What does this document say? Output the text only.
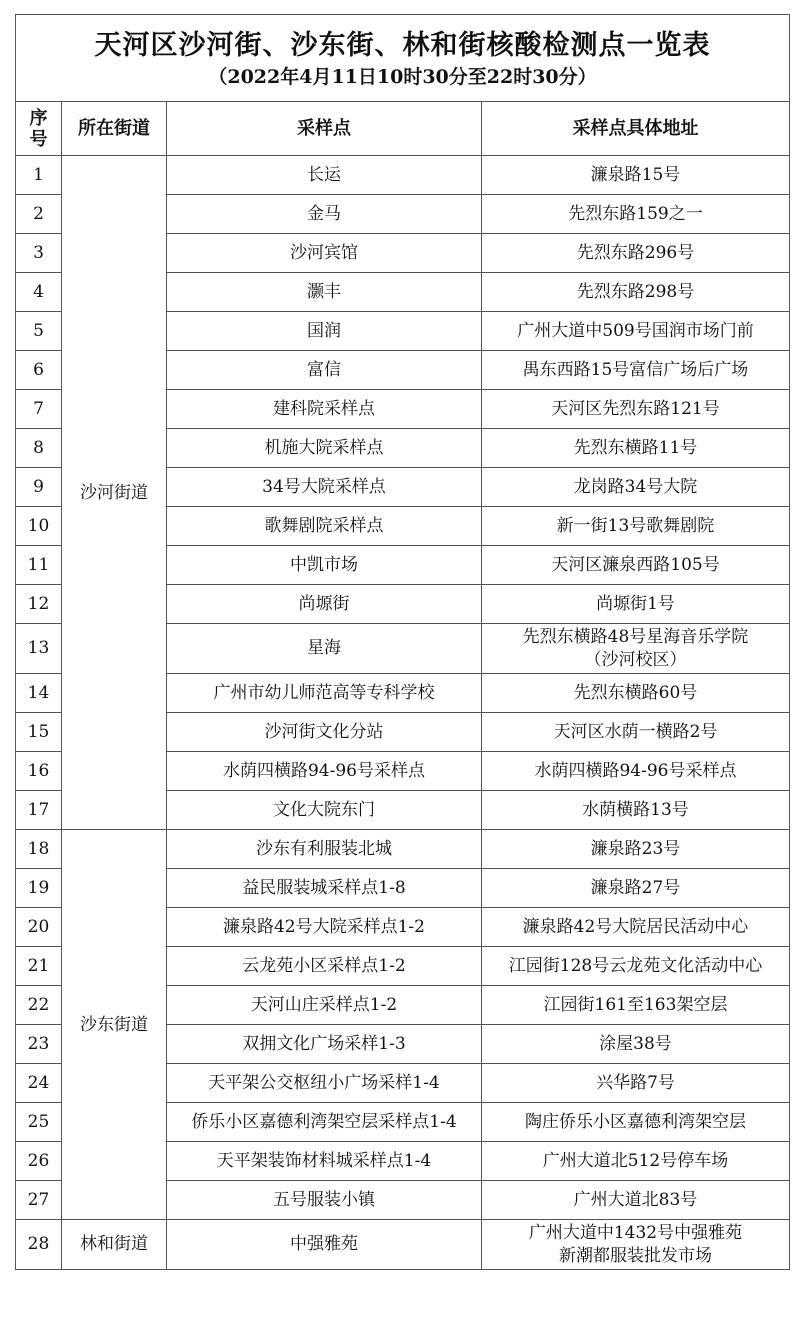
天河区沙河街、沙东街、林和街核酸检测点一览表
（2022年4月11日10时30分至22时30分）			

序
号	所在街道	采样点	采样点具体地址
1	沙河街道	长运	濂泉路15号
2		金马	先烈东路159之一
3		沙河宾馆	先烈东路296号
4		灏丰	先烈东路298号
5		国润	广州大道中509号国润市场门前
6		富信	禺东西路15号富信广场后广场
7		建科院采样点	天河区先烈东路121号
8		机施大院采样点	先烈东横路11号
9		34号大院采样点	龙岗路34号大院
10		歌舞剧院采样点	新一街13号歌舞剧院
11		中凯市场	天河区濂泉西路105号
12		尚塬街	尚塬街1号
13		星海	先烈东横路48号星海音乐学院
（沙河校区）
14		广州市幼儿师范高等专科学校	先烈东横路60号
15		沙河街文化分站	天河区水荫一横路2号
16		水荫四横路94-96号采样点	水荫四横路94-96号采样点
17		文化大院东门	水荫横路13号
18	沙东街道	沙东有利服装北城	濂泉路23号
19		益民服装城采样点1-8	濂泉路27号
20		濂泉路42号大院采样点1-2	濂泉路42号大院居民活动中心
21		云龙苑小区采样点1-2	江园街128号云龙苑文化活动中心
22		天河山庄采样点1-2	江园街161至163架空层
23		双拥文化广场采样1-3	涂屋38号
24		天平架公交枢纽小广场采样1-4	兴华路7号
25		侨乐小区嘉德利湾架空层采样点1-4	陶庄侨乐小区嘉德利湾架空层
26		天平架装饰材料城采样点1-4	广州大道北512号停车场
27		五号服装小镇	广州大道北83号
28	林和街道	中强雅苑	广州大道中1432号中强雅苑
新潮都服装批发市场
